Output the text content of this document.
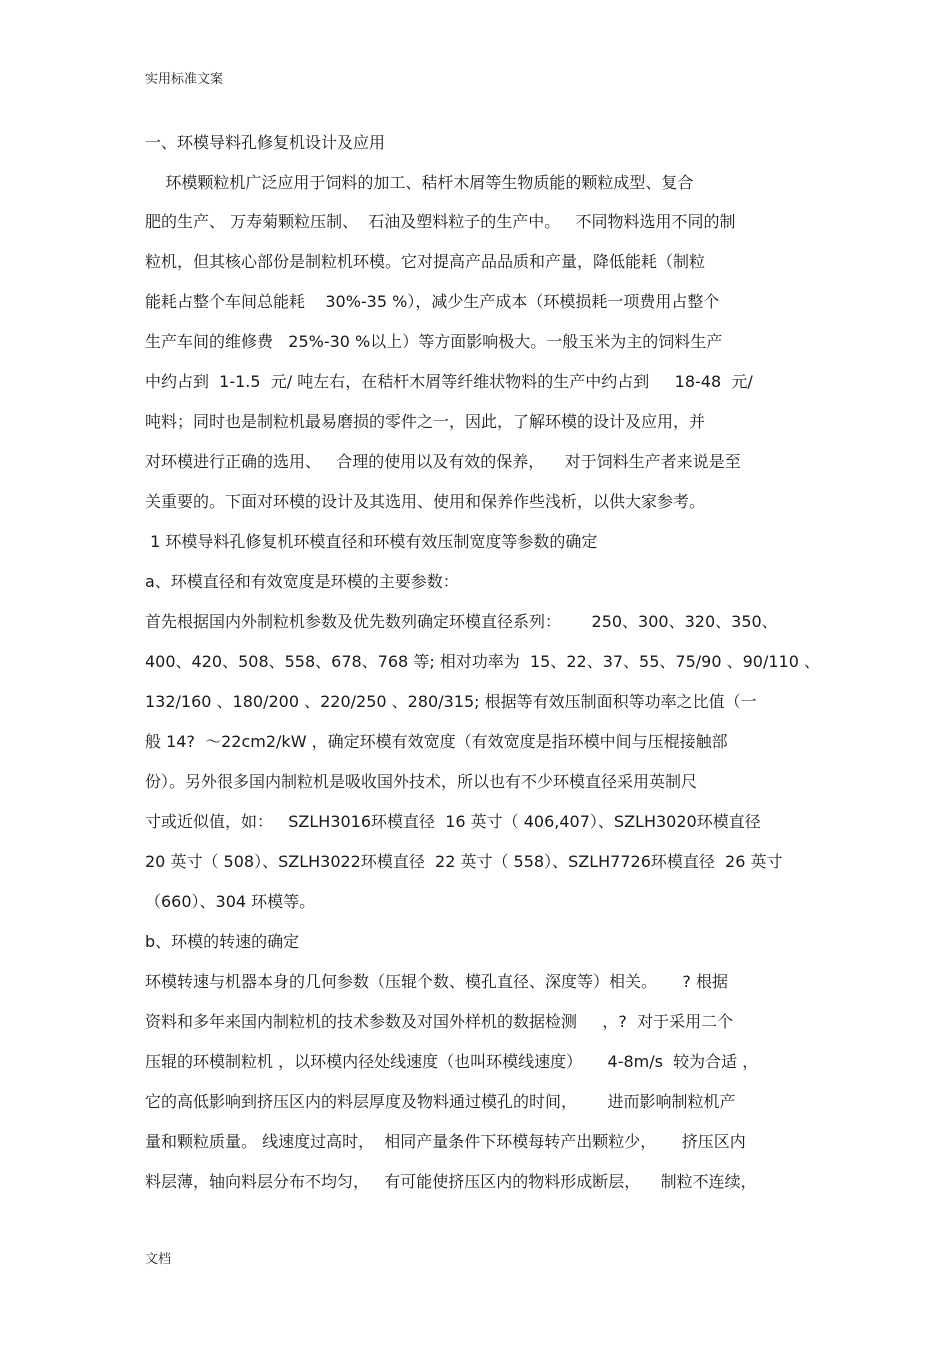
实用标准文案
一、环模导料孔修复机设计及应用
环模颗粒机广泛应用于饲料的加工、秸杆木屑等生物质能的颗粒成型、复合
肥的生产、 万寿菊颗粒压制、  石油及塑料粒子的生产中。   不同物料选用不同的制
粒机，但其核心部份是制粒机环模。它对提高产品品质和产量，降低能耗（制粒
能耗占整个车间总能耗    30%-35 %），减少生产成本（环模损耗一项费用占整个
生产车间的维修费   25%-30 %以上）等方面影响极大。一般玉米为主的饲料生产
中约占到  1-1.5  元/ 吨左右，在秸杆木屑等纤维状物料的生产中约占到     18-48  元/
吨料；同时也是制粒机最易磨损的零件之一，因此，了解环模的设计及应用，并
对环模进行正确的选用、   合理的使用以及有效的保养，    对于饲料生产者来说是至
关重要的。下面对环模的设计及其选用、使用和保养作些浅析，以供大家参考。
1 环模导料孔修复机环模直径和环模有效压制宽度等参数的确定
a、环模直径和有效宽度是环模的主要参数：
首先根据国内外制粒机参数及优先数列确定环模直径系列：      250、300、320、350、
400、420、508、558、678、768 等; 相对功率为  15、22、37、55、75/90 、90/110 、
132/160 、180/200 、220/250 、280/315; 根据等有效压制面积等功率之比值（一
般 14?  ～22cm2/kW ，确定环模有效宽度（有效宽度是指环模中间与压棍接触部
份）。另外很多国内制粒机是吸收国外技术，所以也有不少环模直径采用英制尺
寸或近似值，如：   SZLH3016环模直径  16 英寸（ 406,407）、SZLH3020环模直径
20 英寸（ 508）、SZLH3022环模直径  22 英寸（ 558）、SZLH7726环模直径  26 英寸
（660）、304 环模等。
b、环模的转速的确定
环模转速与机器本身的几何参数（压辊个数、模孔直径、深度等）相关。     ? 根据
资料和多年来国内制粒机的技术参数及对国外样机的数据检测     ，?  对于采用二个
压辊的环模制粒机 ，以环模内径处线速度（也叫环模线速度）     4-8m/s  较为合适 ，
它的高低影响到挤压区内的料层厚度及物料通过模孔的时间，      进而影响制粒机产
量和颗粒质量。 线速度过高时，  相同产量条件下环模每转产出颗粒少，     挤压区内
料层薄，轴向料层分布不均匀，   有可能使挤压区内的物料形成断层，    制粒不连续，
文档
